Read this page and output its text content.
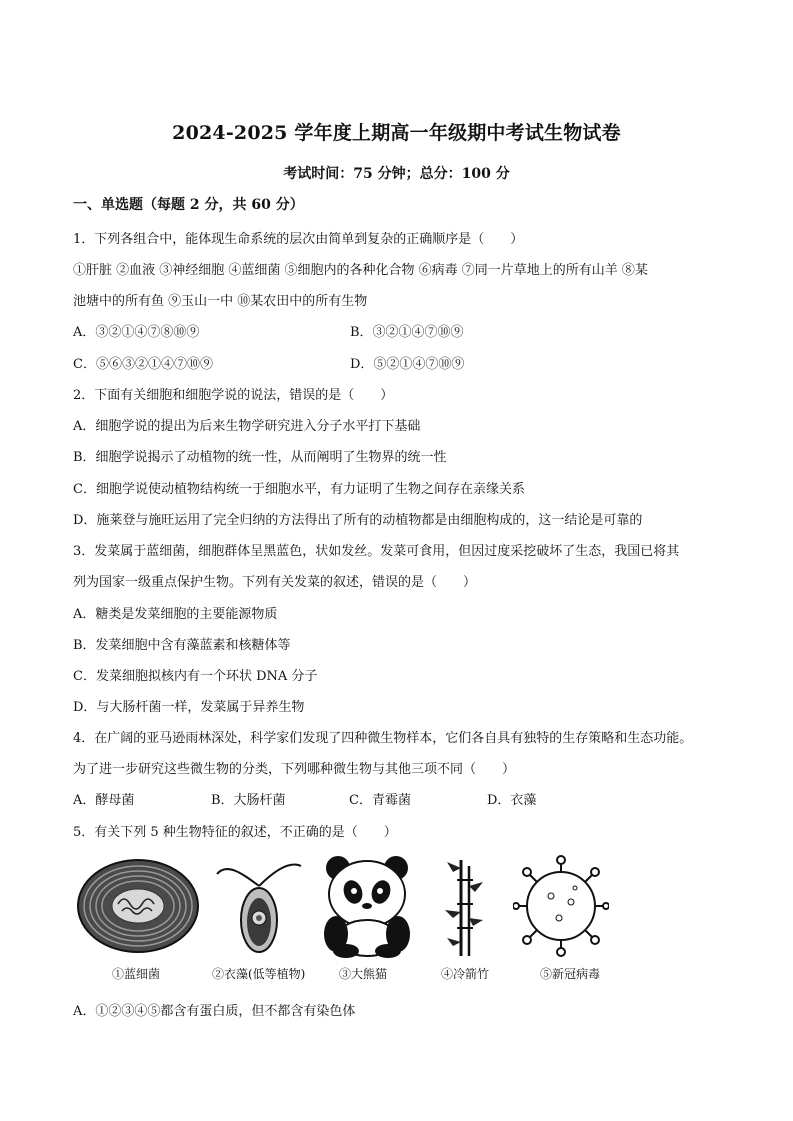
2024-2025 学年度上期高一年级期中考试生物试卷
考试时间：75 分钟；总分：100 分
一、单选题（每题 2 分，共 60 分）
1．下列各组合中，能体现生命系统的层次由简单到复杂的正确顺序是（　　）
①肝脏 ②血液 ③神经细胞 ④蓝细菌 ⑤细胞内的各种化合物 ⑥病毒 ⑦同一片草地上的所有山羊 ⑧某
池塘中的所有鱼 ⑨玉山一中 ⑩某农田中的所有生物
A．③②①④⑦⑧⑩⑨	B．③②①④⑦⑩⑨
C．⑤⑥③②①④⑦⑩⑨	D．⑤②①④⑦⑩⑨
2．下面有关细胞和细胞学说的说法，错误的是（　　）
A．细胞学说的提出为后来生物学研究进入分子水平打下基础
B．细胞学说揭示了动植物的统一性，从而阐明了生物界的统一性
C．细胞学说使动植物结构统一于细胞水平，有力证明了生物之间存在亲缘关系
D．施莱登与施旺运用了完全归纳的方法得出了所有的动植物都是由细胞构成的，这一结论是可靠的
3．发菜属于蓝细菌，细胞群体呈黑蓝色，状如发丝。发菜可食用，但因过度采挖破坏了生态，我国已将其
列为国家一级重点保护生物。下列有关发菜的叙述，错误的是（　　）
A．糖类是发菜细胞的主要能源物质
B．发菜细胞中含有藻蓝素和核糖体等
C．发菜细胞拟核内有一个环状 DNA 分子
D．与大肠杆菌一样，发菜属于异养生物
4．在广阔的亚马逊雨林深处，科学家们发现了四种微生物样本，它们各自具有独特的生存策略和生态功能。
为了进一步研究这些微生物的分类，下列哪种微生物与其他三项不同（　　）
A．酵母菌	B．大肠杆菌	C．青霉菌	D．衣藻
5．有关下列 5 种生物特征的叙述，不正确的是（　　）
①蓝细菌	②衣藻(低等植物)	③大熊猫	④冷箭竹	⑤新冠病毒
A．①②③④⑤都含有蛋白质，但不都含有染色体
